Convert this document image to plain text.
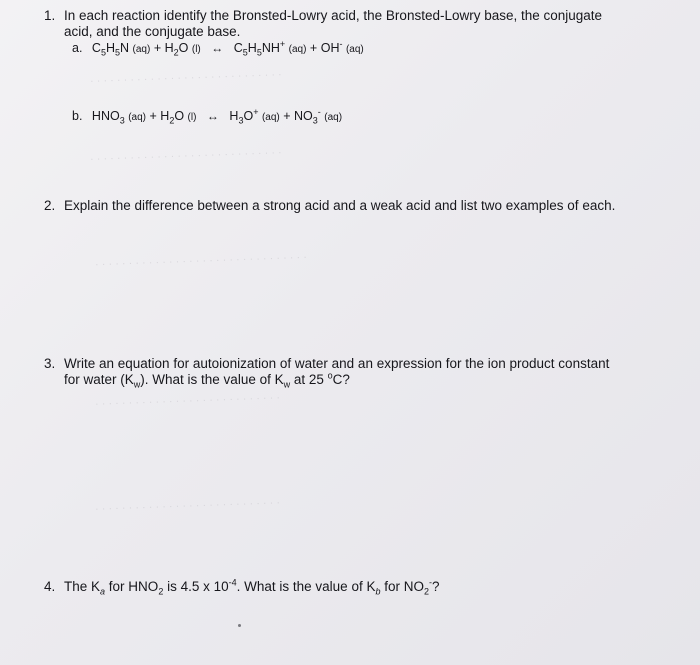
· · · · · · · · · · · · · · · · · · · · · · · · · · · · ·
· · · · · · · · · · · · · · · · · · · · · · · · · · · · ·
· · · · · · · · · · · · · · · · · · · · · · · · · · · · · · · ·
· · · · · · · · · · · · · · · · · · · · · · · · · · · ·
· · · · · · · · · · · · · · · · · · · · · · · · · · · ·
1. In each reaction identify the Bronsted-Lowry acid, the Bronsted-Lowry base, the conjugate
acid, and the conjugate base.
a. $C_5H_5N$ $(aq) + H_2O$ (l) ↔ $C_5H_5NH^+$ (aq) + OH- (aq)
b. $HNO_3$ $(aq) + H_2O$ (l) ↔ $H_3O^+$ $(aq) + NO_3^-$ (aq)
2. Explain the difference between a strong acid and a weak acid and list two examples of each.
3. Write an equation for autoionization of water and an expression for the ion product constant
for water $(K_w)$. What is the value of $K_w$ at 25 $^o$C?
4. The $K_a$ for $HNO_2$ is 4.5 x $10^{-4}$. What is the value of $K_b$ for $NO_2^-$?
